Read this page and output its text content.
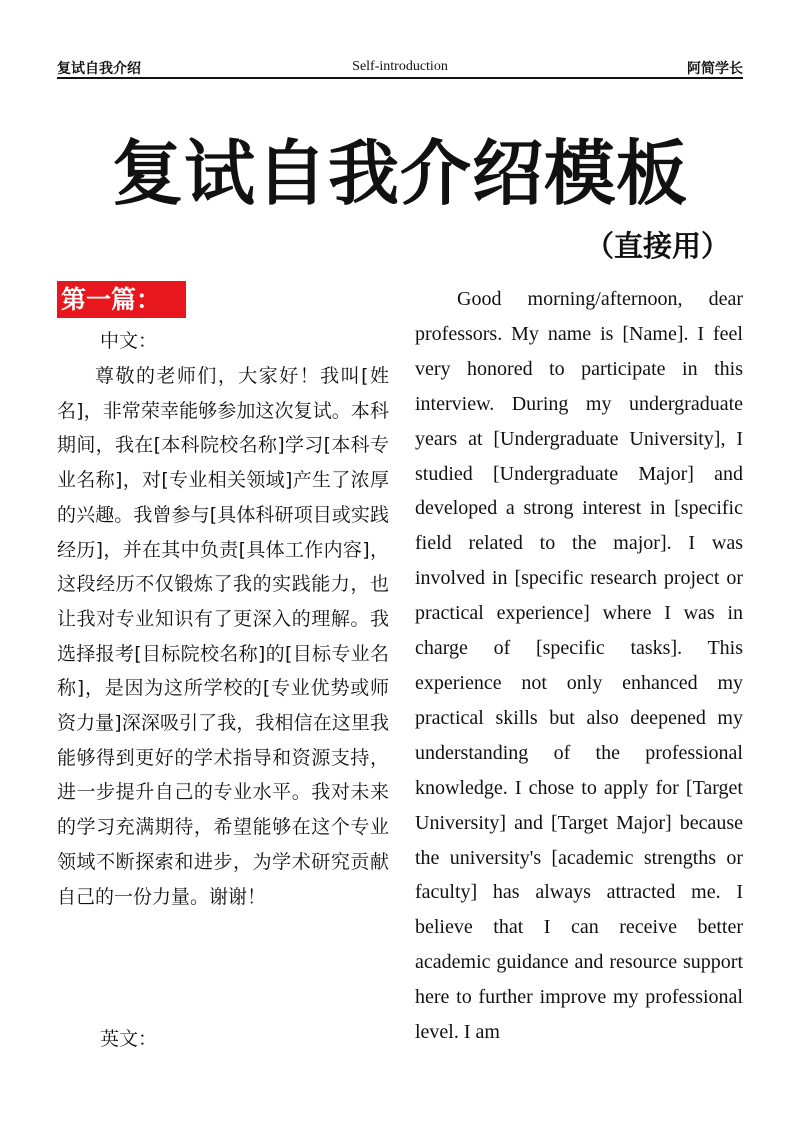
复试自我介绍	Self-introduction	阿简学长
复试自我介绍模板
（直接用）
第一篇：
中文：

尊敬的老师们，大家好！我叫[姓名]，非常荣幸能够参加这次复试。本科期间，我在[本科院校名称]学习[本科专业名称]，对[专业相关领域]产生了浓厚的兴趣。我曾参与[具体科研项目或实践经历]，并在其中负责[具体工作内容]，这段经历不仅锻炼了我的实践能力，也让我对专业知识有了更深入的理解。我选择报考[目标院校名称]的[目标专业名称]，是因为这所学校的[专业优势或师资力量]深深吸引了我，我相信在这里我能够得到更好的学术指导和资源支持，进一步提升自己的专业水平。我对未来的学习充满期待，希望能够在这个专业领域不断探索和进步，为学术研究贡献自己的一份力量。谢谢！

英文：

Good morning/afternoon, dear professors. My name is [Name]. I feel very honored to participate in this interview. During my undergraduate years at [Undergraduate University], I studied [Undergraduate Major] and developed a strong interest in [specific field related to the major]. I was involved in [specific research project or practical experience] where I was in charge of [specific tasks]. This experience not only enhanced my practical skills but also deepened my understanding of the professional knowledge. I chose to apply for [Target University] and [Target Major] because the university's [academic strengths or faculty] has always attracted me. I believe that I can receive better academic guidance and resource support here to further improve my professional level. I am
